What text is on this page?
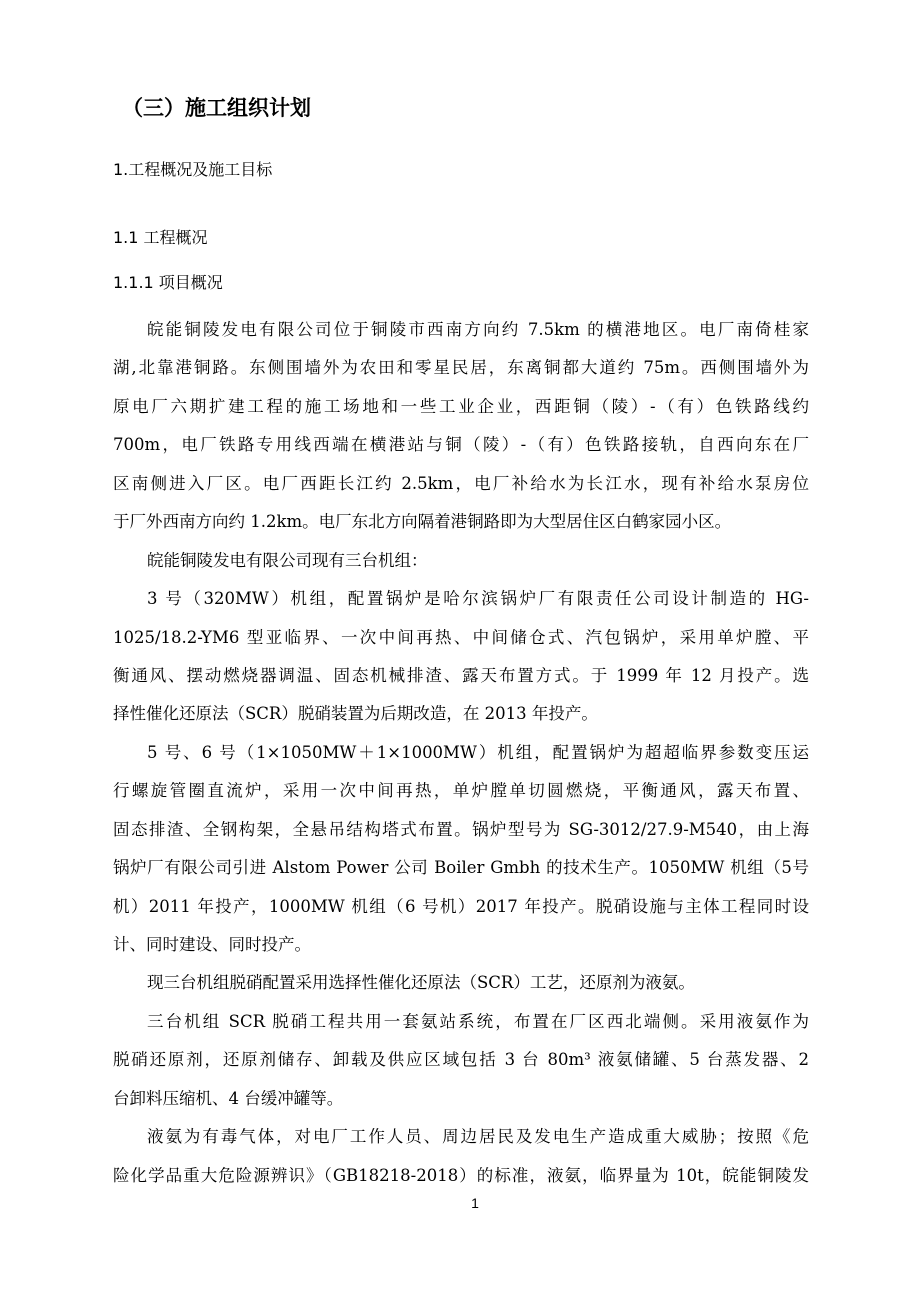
（三）施工组织计划
1.工程概况及施工目标
1.1 工程概况
1.1.1 项目概况
皖能铜陵发电有限公司位于铜陵市西南方向约 7.5km 的横港地区。电厂南倚桂家
湖,北靠港铜路。东侧围墙外为农田和零星民居，东离铜都大道约 75m。西侧围墙外为
原电厂六期扩建工程的施工场地和一些工业企业，西距铜（陵）-（有）色铁路线约
700m，电厂铁路专用线西端在横港站与铜（陵）-（有）色铁路接轨，自西向东在厂
区南侧进入厂区。电厂西距长江约 2.5km，电厂补给水为长江水，现有补给水泵房位
于厂外西南方向约 1.2km。电厂东北方向隔着港铜路即为大型居住区白鹤家园小区。
皖能铜陵发电有限公司现有三台机组：
3 号（320MW）机组，配置锅炉是哈尔滨锅炉厂有限责任公司设计制造的 HG-
1025/18.2-YM6 型亚临界、一次中间再热、中间储仓式、汽包锅炉，采用单炉膛、平
衡通风、摆动燃烧器调温、固态机械排渣、露天布置方式。于 1999 年 12 月投产。选
择性催化还原法（SCR）脱硝装置为后期改造，在 2013 年投产。
5 号、6 号（1×1050MW＋1×1000MW）机组，配置锅炉为超超临界参数变压运
行螺旋管圈直流炉，采用一次中间再热，单炉膛单切圆燃烧，平衡通风，露天布置、
固态排渣、全钢构架，全悬吊结构塔式布置。锅炉型号为 SG-3012/27.9-M540，由上海
锅炉厂有限公司引进 Alstom Power 公司 Boiler Gmbh 的技术生产。1050MW 机组（5号
机）2011 年投产，1000MW 机组（6 号机）2017 年投产。脱硝设施与主体工程同时设
计、同时建设、同时投产。
现三台机组脱硝配置采用选择性催化还原法（SCR）工艺，还原剂为液氨。
三台机组 SCR 脱硝工程共用一套氨站系统，布置在厂区西北端侧。采用液氨作为
脱硝还原剂，还原剂储存、卸载及供应区域包括 3 台 80m³ 液氨储罐、5 台蒸发器、2
台卸料压缩机、4 台缓冲罐等。
液氨为有毒气体，对电厂工作人员、周边居民及发电生产造成重大威胁；按照《危
险化学品重大危险源辨识》（GB18218-2018）的标准，液氨，临界量为 10t，皖能铜陵发
1
